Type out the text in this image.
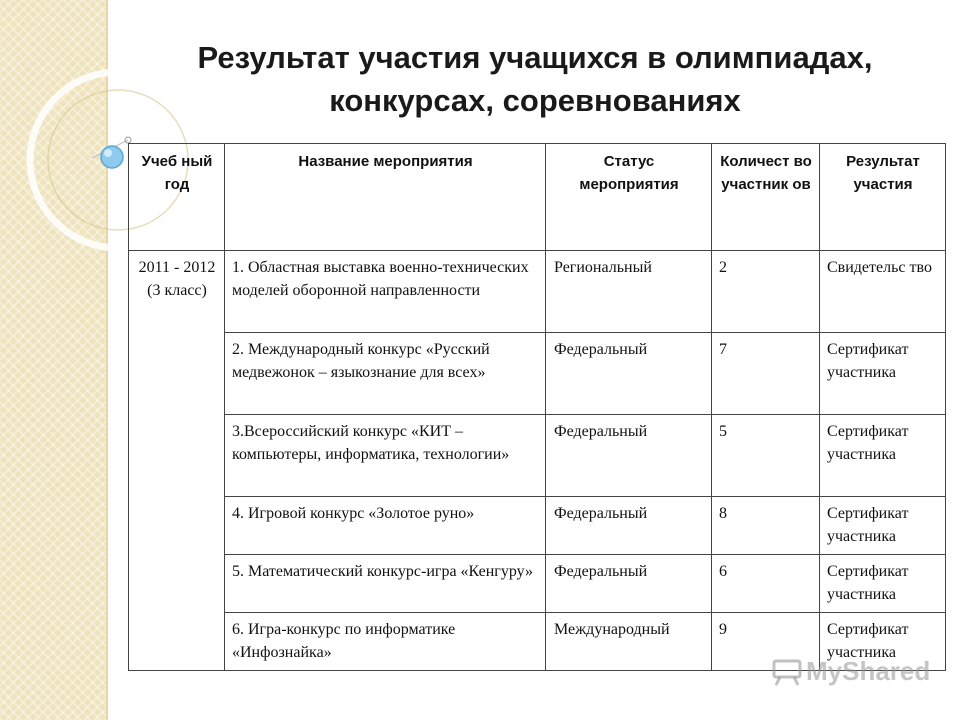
Результат участия учащихся в олимпиадах,
конкурсах, соревнованиях
Учеб ный год	Название мероприятия	Статус мероприятия	Количест во участник ов	Результат участия
2011 - 2012 (3 класс)	1. Областная выставка военно-технических моделей оборонной направленности	Региональный	2	Свидетельс тво
	2. Международный конкурс «Русский медвежонок – языкознание для всех»	Федеральный	7	Сертификат участника
	3.Всероссийский конкурс «КИТ – компьютеры, информатика, технологии»	Федеральный	5	Сертификат участника
	4. Игровой конкурс «Золотое руно»	Федеральный	8	Сертификат участника
	5. Математический конкурс-игра «Кенгуру»	Федеральный	6	Сертификат участника
	6. Игра-конкурс по информатике «Инфознайка»	Международный	9	Сертификат участника
MyShared
